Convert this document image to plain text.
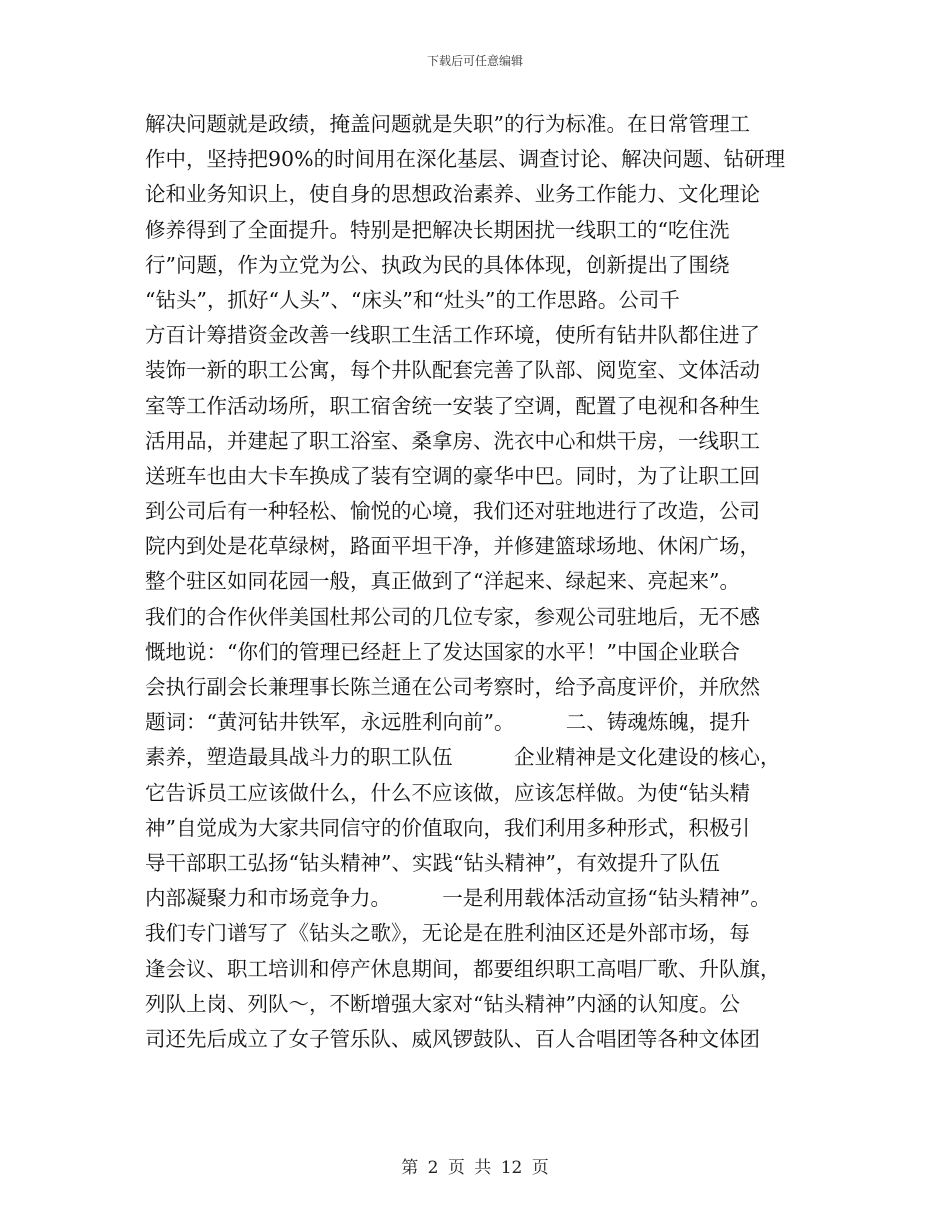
下载后可任意编辑
解决问题就是政绩，掩盖问题就是失职”的行为标准。在日常管理工
作中，坚持把90%的时间用在深化基层、调查讨论、解决问题、钻研理
论和业务知识上，使自身的思想政治素养、业务工作能力、文化理论
修养得到了全面提升。特别是把解决长期困扰一线职工的“吃住洗
行”问题，作为立党为公、执政为民的具体体现，创新提出了围绕
“钻头”，抓好“人头”、“床头”和“灶头”的工作思路。公司千
方百计筹措资金改善一线职工生活工作环境，使所有钻井队都住进了
装饰一新的职工公寓，每个井队配套完善了队部、阅览室、文体活动
室等工作活动场所，职工宿舍统一安装了空调，配置了电视和各种生
活用品，并建起了职工浴室、桑拿房、洗衣中心和烘干房，一线职工
送班车也由大卡车换成了装有空调的豪华中巴。同时，为了让职工回
到公司后有一种轻松、愉悦的心境，我们还对驻地进行了改造，公司
院内到处是花草绿树，路面平坦干净，并修建篮球场地、休闲广场，
整个驻区如同花园一般，真正做到了“洋起来、绿起来、亮起来”。
我们的合作伙伴美国杜邦公司的几位专家，参观公司驻地后，无不感
慨地说：“你们的管理已经赶上了发达国家的水平！”中国企业联合
会执行副会长兼理事长陈兰通在公司考察时，给予高度评价，并欣然
题词：“黄河钻井铁军，永远胜利向前”。　　　二、铸魂炼魄，提升
素养，塑造最具战斗力的职工队伍　　　企业精神是文化建设的核心，
它告诉员工应该做什么，什么不应该做，应该怎样做。为使“钻头精
神”自觉成为大家共同信守的价值取向，我们利用多种形式，积极引
导干部职工弘扬“钻头精神”、实践“钻头精神”，有效提升了队伍
内部凝聚力和市场竞争力。　　　一是利用载体活动宣扬“钻头精神”。
我们专门谱写了《钻头之歌》，无论是在胜利油区还是外部市场，每
逢会议、职工培训和停产休息期间，都要组织职工高唱厂歌、升队旗，
列队上岗、列队～，不断增强大家对“钻头精神”内涵的认知度。公
司还先后成立了女子管乐队、威风锣鼓队、百人合唱团等各种文体团
第 2 页 共 12 页
